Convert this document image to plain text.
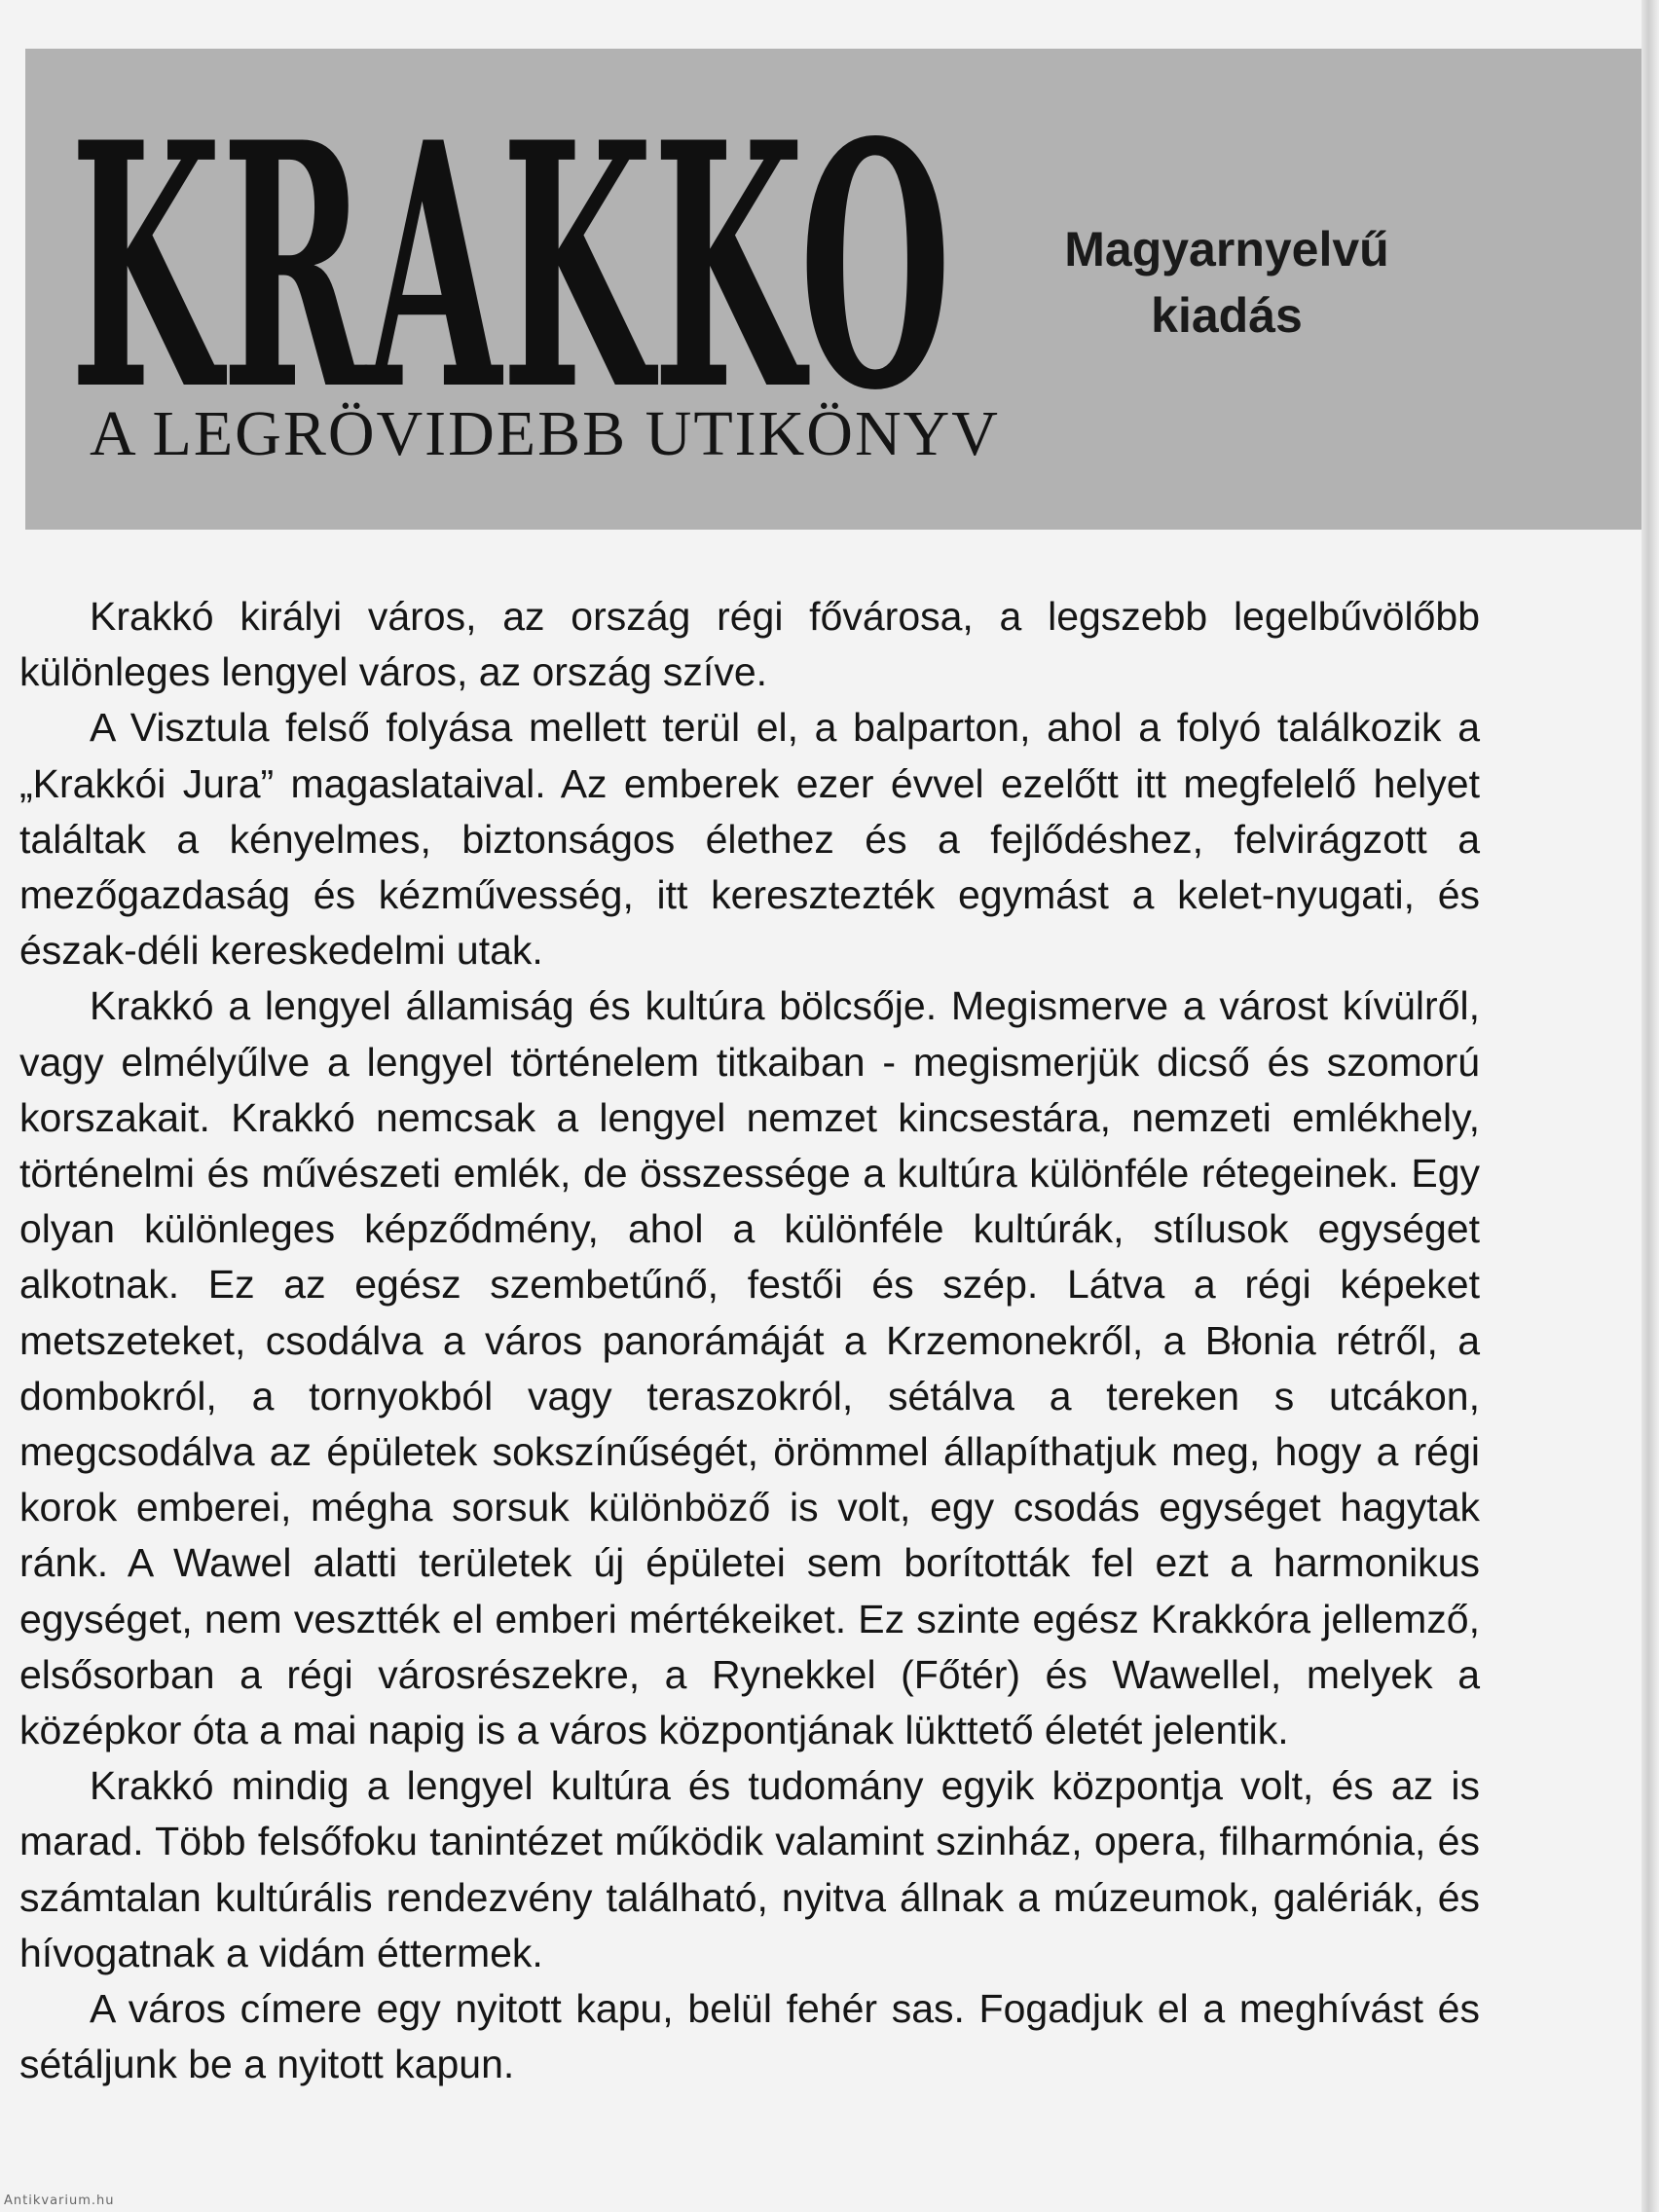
KRAKKO
A LEGRÖVIDEBB UTIKÖNYV
Magyarnyelvű
kiadás

Krakkó királyi város, az ország régi fővárosa, a legszebb legelbűvölőbb különleges lengyel város, az ország szíve.

A Visztula felső folyása mellett terül el, a balparton, ahol a folyó találkozik a „Krakkói Jura” magaslataival. Az emberek ezer évvel ezelőtt itt megfelelő helyet találtak a kényelmes, biztonságos élethez és a fejlődéshez, felvirágzott a mezőgazdaság és kézművesség, itt keresztezték egymást a kelet-nyugati, és észak-déli kereskedelmi utak.

Krakkó a lengyel államiság és kultúra bölcsője. Megismerve a várost kívülről, vagy elmélyűlve a lengyel történelem titkaiban - megismerjük dicső és szomorú korszakait. Krakkó nemcsak a lengyel nemzet kincsestára, nemzeti emlékhely, történelmi és művészeti emlék, de összessége a kultúra különféle rétegeinek. Egy olyan különleges képződmény, ahol a különféle kultúrák, stílusok egységet alkotnak. Ez az egész szembetűnő, festői és szép. Látva a régi képeket metszeteket, csodálva a város panorámáját a Krzemonekről, a Błonia rétről, a dombokról, a tornyokból vagy teraszokról, sétálva a tereken s utcákon, megcsodálva az épületek sokszínűségét, örömmel állapíthatjuk meg, hogy a régi korok emberei, mégha sorsuk különböző is volt, egy csodás egységet hagytak ránk. A Wawel alatti területek új épületei sem borították fel ezt a harmonikus egységet, nem vesztték el emberi mértékeiket. Ez szinte egész Krakkóra jellemző, elsősorban a régi városrészekre, a Rynekkel (Főtér) és Wawellel, melyek a középkor óta a mai napig is a város központjának lükttető életét jelentik.

Krakkó mindig a lengyel kultúra és tudomány egyik központja volt, és az is marad. Több felsőfoku tanintézet működik valamint szinház, opera, filharmónia, és számtalan kultúrális rendezvény található, nyitva állnak a múzeumok, galériák, és hívogatnak a vidám éttermek.

A város címere egy nyitott kapu, belül fehér sas. Fogadjuk el a meghívást és sétáljunk be a nyitott kapun.

Antikvarium.hu
